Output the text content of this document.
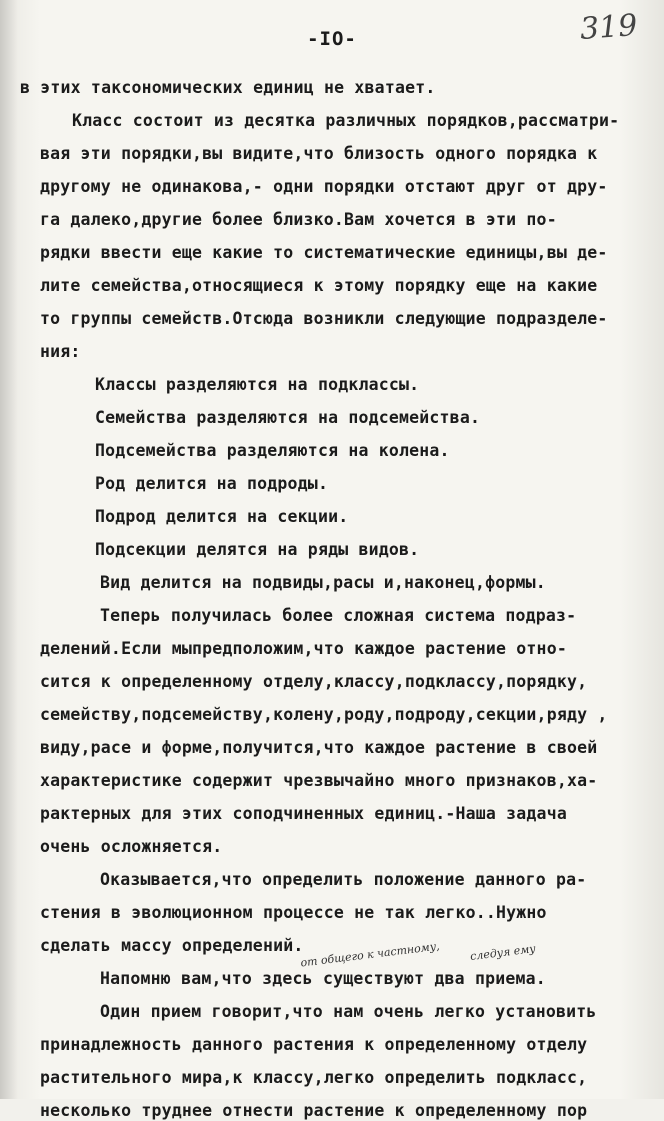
-IO-	319
в этих таксономических единиц не хватает.
Класс состоит из десятка различных порядков,рассматри-
вая эти порядки,вы видите,что близость одного порядка к
другому не одинакова,- одни порядки отстают друг от дру-
га далеко,другие более близко.Вам хочется в эти по-
рядки ввести еще какие то систематические единицы,вы де-
лите семейства,относящиеся к этому порядку еще на какие
то группы семейств.Отсюда возникли следующие подразделе-
ния:
Классы разделяются на подклассы.
Семейства разделяются на подсемейства.
Подсемейства разделяются на колена.
Род делится на подроды.
Подрод делится на секции.
Подсекции делятся на ряды видов.
Вид делится на подвиды,расы и,наконец,формы.
Теперь получилась более сложная система подраз-
делений.Если мыпредположим,что каждое растение отно-
сится к определенному отделу,классу,подклассу,порядку,
семейству,подсемейству,колену,роду,подроду,секции,ряду ,
виду,расе и форме,получится,что каждое растение в своей
характеристике содержит чрезвычайно много признаков,ха-
рактерных для этих соподчиненных единиц.-Наша задача
очень осложняется.
Оказывается,что определить положение данного ра-
стения в эволюционном процессе не так легко..Нужно
сделать массу определений.
Напомню вам,что здесь существуют два приема.
от общего к частному,	следуя ему
Один прием говорит,что нам очень легко установить
принадлежность данного растения к определенному отделу
растительного мира,к классу,легко определить подкласс,
несколько труднее отнести растение к определенному пор
